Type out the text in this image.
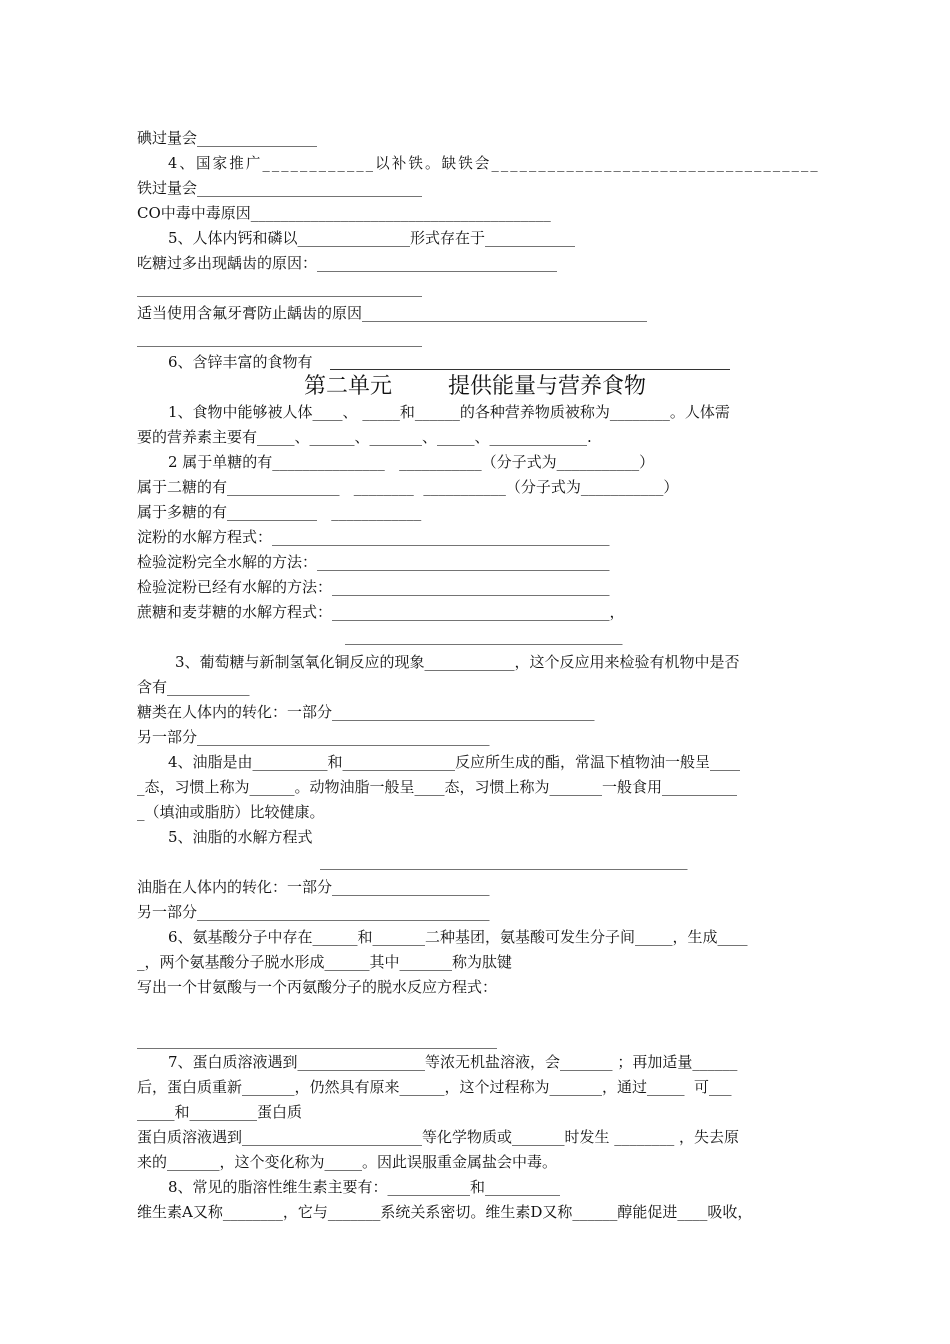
碘过量会________________
4、国家推广____________以补铁。缺铁会___________________________________
铁过量会______________________________
CO中毒中毒原因________________________________________
5、人体内钙和磷以_______________形式存在于____________
吃糖过多出现龋齿的原因：________________________________
______________________________________
适当使用含氟牙膏防止龋齿的原因______________________________________
______________________________________
6、含锌丰富的食物有
第二单元        提供能量与营养食物
1、食物中能够被人体____、 _____和______的各种营养物质被称为________。人体需
要的营养素主要有_____、______、_______、_____、_____________.
2 属于单糖的有_______________   ___________（分子式为___________）
属于二糖的有_______________   ________  ___________（分子式为___________）
属于多糖的有____________   ____________
淀粉的水解方程式：_____________________________________________
检验淀粉完全水解的方法：_______________________________________
检验淀粉已经有水解的方法：_____________________________________
蔗糖和麦芽糖的水解方程式：_____________________________________，
_____________________________________
3、葡萄糖与新制氢氧化铜反应的现象____________，这个反应用来检验有机物中是否
含有___________
糖类在人体内的转化：一部分___________________________________
另一部分_______________________________________
4、油脂是由__________和_______________反应所生成的酯，常温下植物油一般呈____
_态，习惯上称为______。动物油脂一般呈____态，习惯上称为_______一般食用__________
_（填油或脂肪）比较健康。
5、油脂的水解方程式
_________________________________________________
油脂在人体内的转化：一部分_____________________
另一部分_______________________________________
6、氨基酸分子中存在______和_______二种基团，氨基酸可发生分子间_____，生成____
_，两个氨基酸分子脱水形成______其中_______称为肽键
写出一个甘氨酸与一个丙氨酸分子的脱水反应方程式：
________________________________________________
7、蛋白质溶液遇到_________________等浓无机盐溶液，会_______ ；再加适量______
后，蛋白质重新_______，仍然具有原来______，这个过程称为_______，通过_____  可___
_____和_________蛋白质
蛋白质溶液遇到________________________等化学物质或_______时发生 ________ ，失去原
来的_______，这个变化称为_____。因此误服重金属盐会中毒。
8、常见的脂溶性维生素主要有：___________和__________
维生素A又称________，它与_______系统关系密切。维生素D又称______醇能促进____吸收，
